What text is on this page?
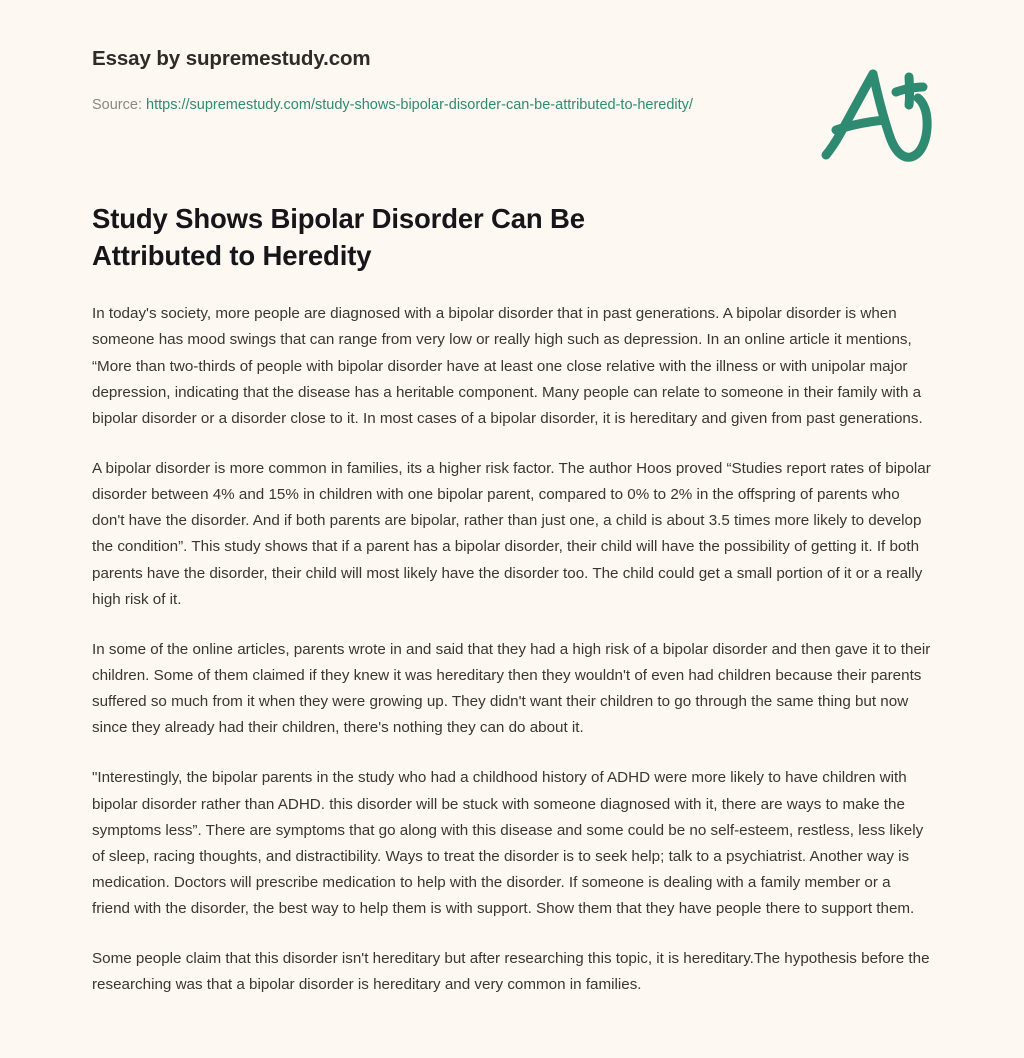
Essay by supremestudy.com

Source: https://supremestudy.com/study-shows-bipolar-disorder-can-be-attributed-to-heredity/

Study Shows Bipolar Disorder Can Be Attributed to Heredity

In today's society, more people are diagnosed with a bipolar disorder that in past generations. A bipolar disorder is when someone has mood swings that can range from very low or really high such as depression. In an online article it mentions, “More than two-thirds of people with bipolar disorder have at least one close relative with the illness or with unipolar major depression, indicating that the disease has a heritable component. Many people can relate to someone in their family with a bipolar disorder or a disorder close to it. In most cases of a bipolar disorder, it is hereditary and given from past generations.

A bipolar disorder is more common in families, its a higher risk factor. The author Hoos proved “Studies report rates of bipolar disorder between 4% and 15% in children with one bipolar parent, compared to 0% to 2% in the offspring of parents who don't have the disorder. And if both parents are bipolar, rather than just one, a child is about 3.5 times more likely to develop the condition”. This study shows that if a parent has a bipolar disorder, their child will have the possibility of getting it. If both parents have the disorder, their child will most likely have the disorder too. The child could get a small portion of it or a really high risk of it.

In some of the online articles, parents wrote in and said that they had a high risk of a bipolar disorder and then gave it to their children. Some of them claimed if they knew it was hereditary then they wouldn't of even had children because their parents suffered so much from it when they were growing up. They didn't want their children to go through the same thing but now since they already had their children, there's nothing they can do about it.

"Interestingly, the bipolar parents in the study who had a childhood history of ADHD were more likely to have children with bipolar disorder rather than ADHD. this disorder will be stuck with someone diagnosed with it, there are ways to make the symptoms less”. There are symptoms that go along with this disease and some could be no self-esteem, restless, less likely of sleep, racing thoughts, and distractibility. Ways to treat the disorder is to seek help; talk to a psychiatrist. Another way is medication. Doctors will prescribe medication to help with the disorder. If someone is dealing with a family member or a friend with the disorder, the best way to help them is with support. Show them that they have people there to support them.

Some people claim that this disorder isn't hereditary but after researching this topic, it is hereditary.The hypothesis before the researching was that a bipolar disorder is hereditary and very common in families.
